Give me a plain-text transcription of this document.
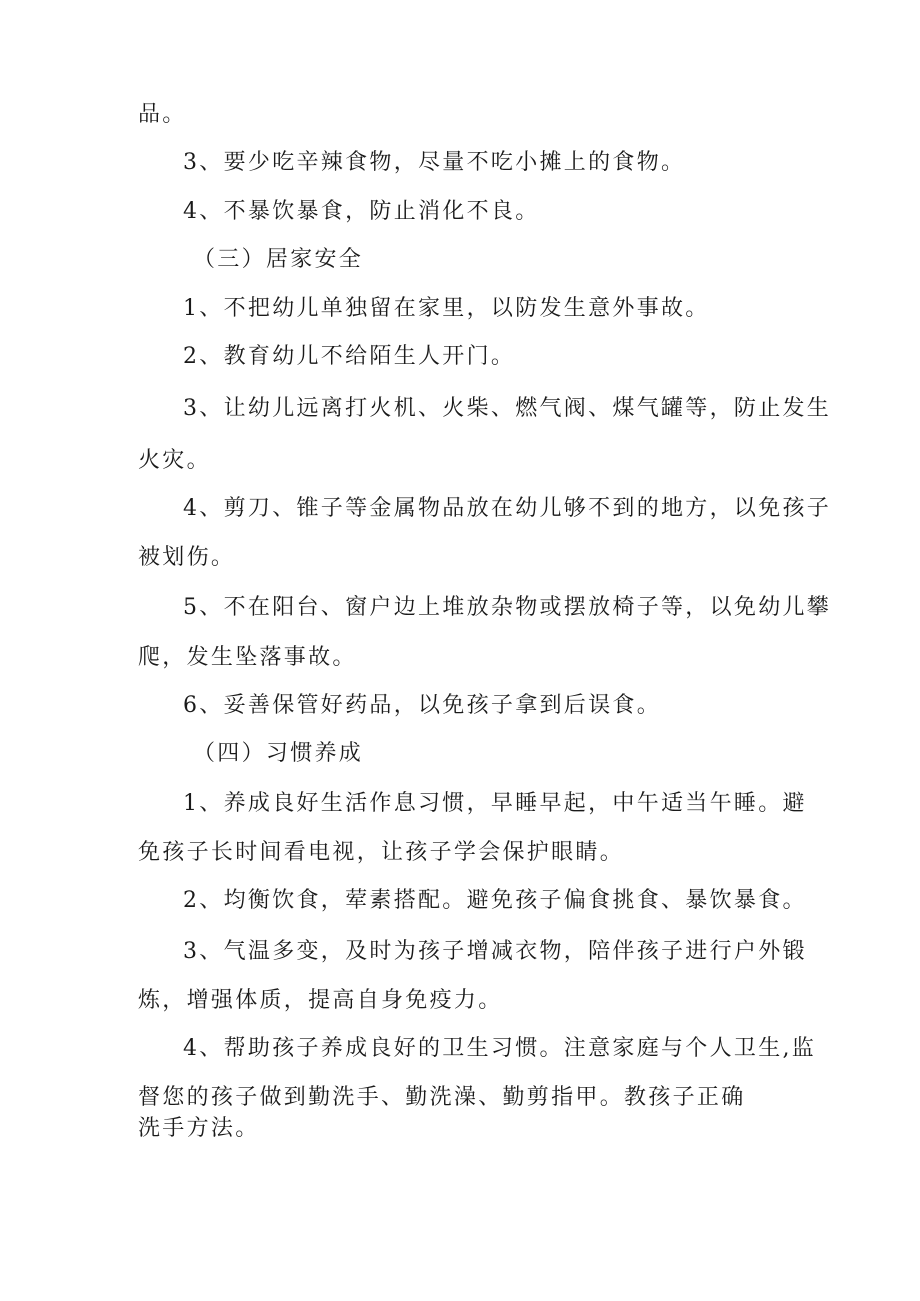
品。
3、要少吃辛辣食物，尽量不吃小摊上的食物。
4、不暴饮暴食，防止消化不良。
（三）居家安全
1、不把幼儿单独留在家里，以防发生意外事故。
2、教育幼儿不给陌生人开门。
3、让幼儿远离打火机、火柴、燃气阀、煤气罐等，防止发生
火灾。
4、剪刀、锥子等金属物品放在幼儿够不到的地方，以免孩子
被划伤。
5、不在阳台、窗户边上堆放杂物或摆放椅子等，以免幼儿攀
爬，发生坠落事故。
6、妥善保管好药品，以免孩子拿到后误食。
（四）习惯养成
1、养成良好生活作息习惯，早睡早起，中午适当午睡。避
免孩子长时间看电视，让孩子学会保护眼睛。
2、均衡饮食，荤素搭配。避免孩子偏食挑食、暴饮暴食。
3、气温多变，及时为孩子增减衣物，陪伴孩子进行户外锻
炼，增强体质，提高自身免疫力。
4、帮助孩子养成良好的卫生习惯。注意家庭与个人卫生,监
督您的孩子做到勤洗手、勤洗澡、勤剪指甲。教孩子正确
洗手方法。
